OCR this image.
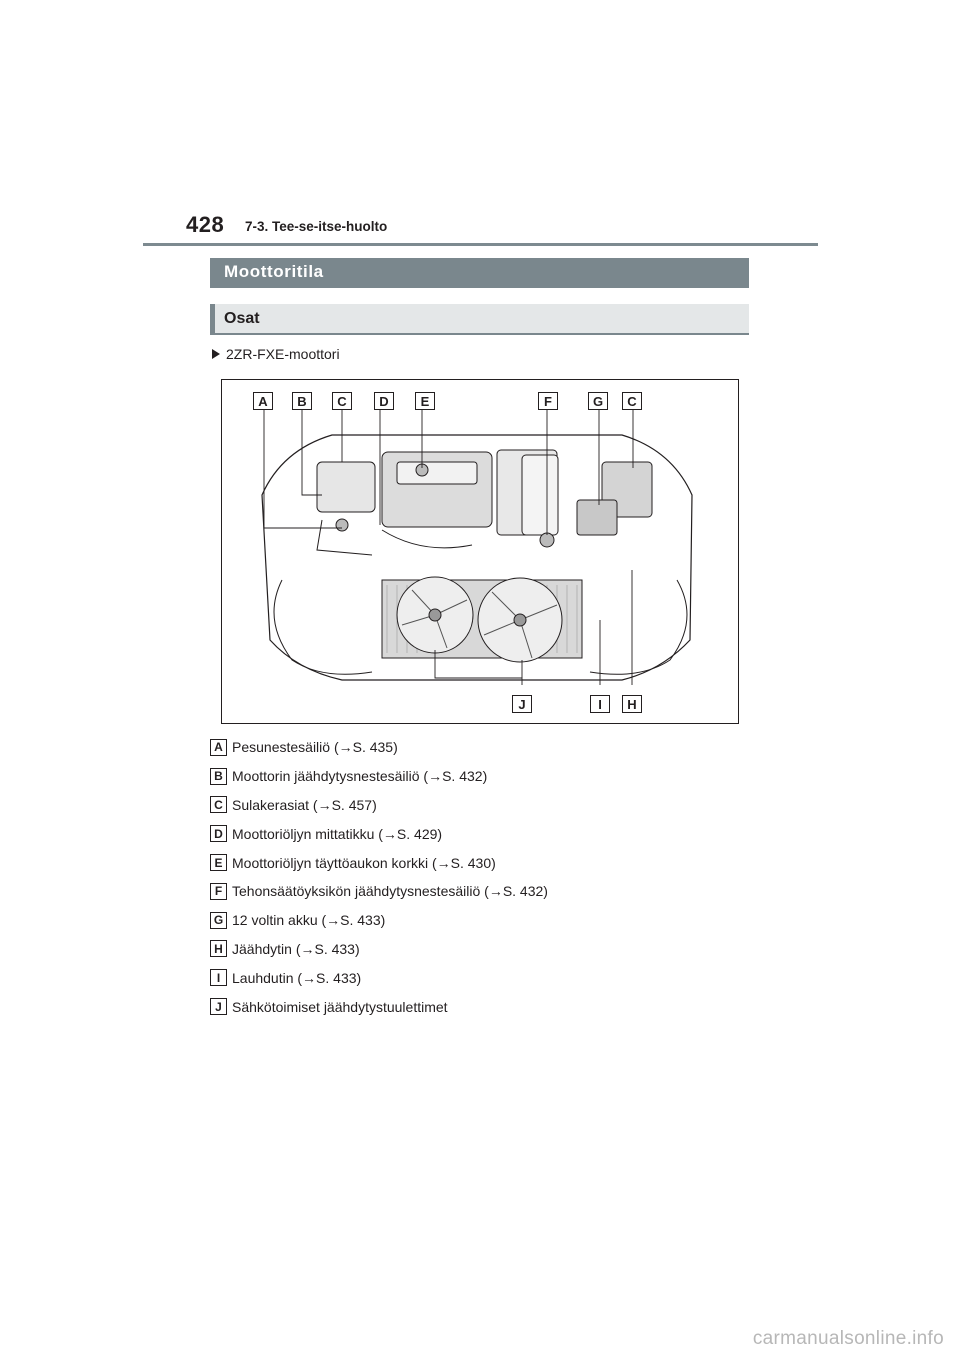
428 7-3. Tee-se-itse-huolto
Moottoritila
Osat
2ZR-FXE-moottori
A	B	C	D	E	F	G	C
J	I	H
A Pesunestesäiliö (→S. 435)
B Moottorin jäähdytysnestesäiliö (→S. 432)
C Sulakerasiat (→S. 457)
D Moottoriöljyn mittatikku (→S. 429)
E Moottoriöljyn täyttöaukon korkki (→S. 430)
F Tehonsäätöyksikön jäähdytysnestesäiliö (→S. 432)
G 12 voltin akku (→S. 433)
H Jäähdytin (→S. 433)
I Lauhdutin (→S. 433)
J Sähkötoimiset jäähdytystuulettimet
carmanualsonline.info
